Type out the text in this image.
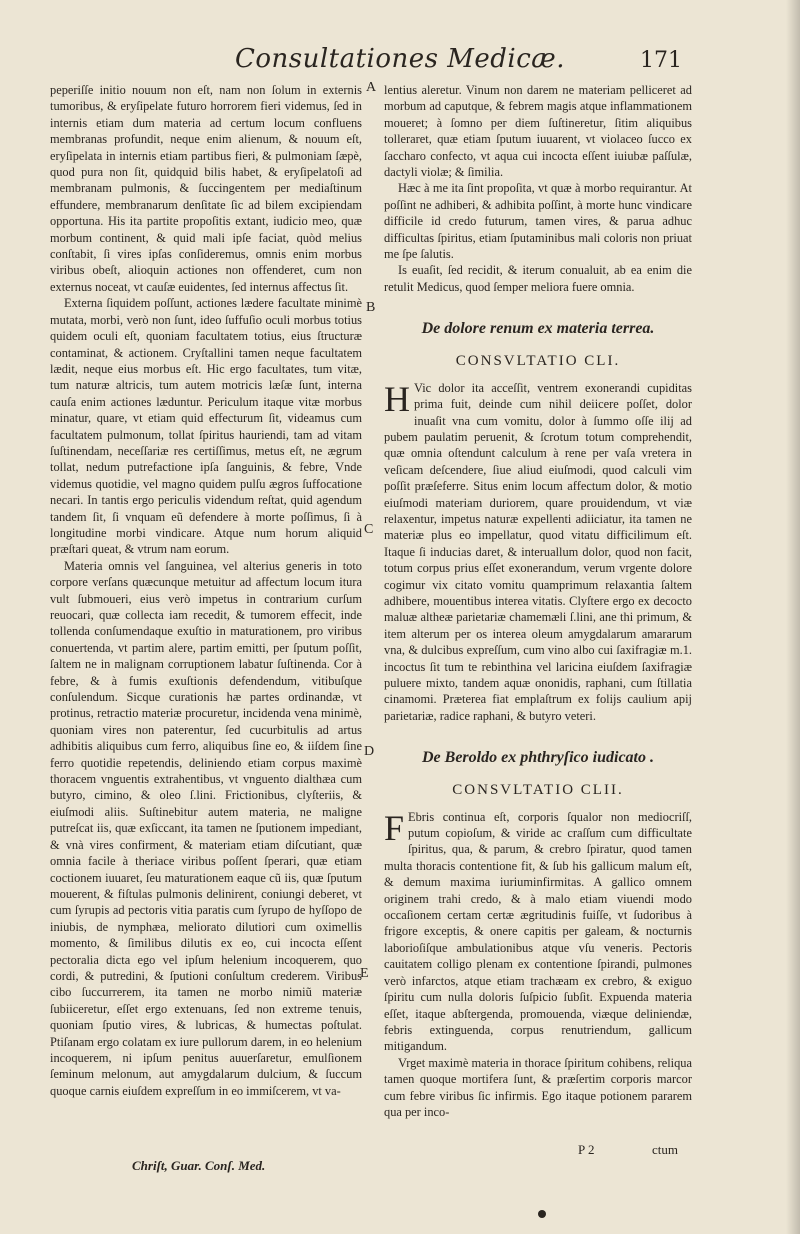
Consultationes Medicæ.	171

peperiſſe initio nouum non eſt, nam non ſolum in externis tumoribus, & eryſipelate futuro horrorem fieri videmus, ſed in internis etiam dum materia ad certum locum confluens membranas profundit, neque enim alienum, & nouum eſt, eryſipelata in internis etiam partibus fieri, & pulmoniam ſæpè, quod pura non ſit, quidquid bilis habet, & eryſipelatoſi ad membranam pulmonis, & ſuccingentem per mediaſtinum effundere, membranarum denſitate ſic ad bilem excipiendam opportuna. His ita partite propoſitis extant, iudicio meo, quæ morbum continent, & quid mali ipſe faciat, quòd melius conſtabit, ſi vires ipſas conſideremus, omnis enim morbus viribus obeſt, alioquin actiones non offenderet, cum non externus noceat, vt cauſæ euidentes, ſed internus affectus ſit.

Externa ſiquidem poſſunt, actiones lædere facultate minimè mutata, morbi, verò non ſunt, ideo ſuffuſio oculi morbus totius quidem oculi eſt, quoniam facultatem totius, eius ſtructuræ contaminat, & actionem. Cryſtallini tamen neque facultatem lædit, neque eius morbus eſt. Hic ergo facultates, tum vitæ, tum naturæ altricis, tum autem motricis læſæ ſunt, interna cauſa enim actiones læduntur. Periculum itaque vitæ morbus minatur, quare, vt etiam quid effecturum ſit, videamus cum facultatem pulmonum, tollat ſpiritus hauriendi, tam ad vitam ſuſtinendam, neceſſariæ res certiſſimus, metus eſt, ne ægrum tollat, nedum putrefactione ipſa ſanguinis, & febre, Vnde videmus quotidie, vel magno quidem pulſu ægros ſuffocatione necari. In tantis ergo periculis videndum reſtat, quid agendum tandem ſit, ſi vnquam eũ defendere à morte poſſimus, ſi à longitudine morbi vindicare. Atque num horum aliquid præſtari queat, & vtrum nam eorum.

Materia omnis vel ſanguinea, vel alterius generis in toto corpore verſans quæcunque metuitur ad affectum locum itura vult ſubmoueri, eius verò impetus in contrarium curſum reuocari, quæ collecta iam recedit, & tumorem effecit, inde tollenda conſumendaque exuſtio in maturationem, pro viribus conuertenda, vt partim alere, partim emitti, per ſputum poſſit, ſaltem ne in malignam corruptionem labatur ſuſtinenda. Cor à febre, & à fumis exuſtionis defendendum, vitibuſque conſulendum. Sicque curationis hæ partes ordinandæ, vt protinus, retractio materiæ procuretur, incidenda vena minimè, quoniam vires non paterentur, ſed cucurbitulis ad artus adhibitis aliquibus cum ferro, aliquibus ſine eo, & iiſdem ſine ferro quotidie repetendis, deliniendo etiam corpus maximè thoracem vnguentis extrahentibus, vt vnguento dialthæa cum butyro, cimino, & oleo ſ.lini. Frictionibus, clyſteriis, & eiuſmodi aliis. Suſtinebitur autem materia, ne maligne putreſcat iis, quæ exſiccant, ita tamen ne ſputionem impediant, & vnà vires confirment, & materiam etiam diſcutiant, quæ omnia facile à theriace viribus poſſent ſperari, quæ etiam coctionem iuuaret, ſeu maturationem eaque cũ iis, quæ ſputum mouerent, & fiſtulas pulmonis delinirent, coniungi deberet, vt cum ſyrupis ad pectoris vitia paratis cum ſyrupo de hyſſopo de iniubis, de nymphæa, meliorato dilutiori cum oximellis momento, & ſimilibus dilutis ex eo, cui incocta eſſent pectoralia dicta ego vel ipſum helenium incoquerem, quo cordi, & putredini, & ſputioni conſultum crederem. Viribus cibo ſuccurrerem, ita tamen ne morbo nimiũ materiæ ſubiiceretur, eſſet ergo extenuans, ſed non extreme tenuis, quoniam ſputio vires, & lubricas, & humectas poſtulat. Ptiſanam ergo colatam ex iure pullorum darem, in eo helenium incoquerem, ni ipſum penitus auuerſaretur, emulſionem ſeminum melonum, aut amygdalarum dulcium, & ſuccum quoque carnis eiuſdem expreſſum in eo immiſcerem, vt va-

A
B
C
D
E

lentius aleretur. Vinum non darem ne materiam pelliceret ad morbum ad caputque, & febrem magis atque inflammationem moueret; à ſomno per diem ſuſtineretur, ſitim aliquibus tolleraret, quæ etiam ſputum iuuarent, vt violaceo ſucco ex ſaccharo confecto, vt aqua cui incocta eſſent iuiubæ paſſulæ, dactyli violæ; & ſimilia.

Hæc à me ita ſint propoſita, vt quæ à morbo requirantur. At poſſint ne adhiberi, & adhibita poſſint, à morte hunc vindicare difficile id credo futurum, tamen vires, & parua adhuc difficultas ſpiritus, etiam ſputaminibus mali coloris non priuat me ſpe ſalutis.

Is euaſit, ſed recidit, & iterum conualuit, ab ea enim die retulit Medicus, quod ſemper meliora fuere omnia.

De dolore renum ex materia terrea.
CONSVLTATIO CLI.

H Vic dolor ita acceſſit, ventrem exonerandi cupiditas prima fuit, deinde cum nihil deiicere poſſet, dolor inuaſit vna cum vomitu, dolor à ſummo oſſe ilij ad pubem paulatim peruenit, & ſcrotum totum comprehendit, quæ omnia oſtendunt calculum à rene per vaſa vretera in veſicam deſcendere, ſiue aliud eiuſmodi, quod calculi vim poſſit præſeferre. Situs enim locum affectum dolor, & motio eiuſmodi materiam duriorem, quare prouidendum, vt viæ relaxentur, impetus naturæ expellenti adiiciatur, ita tamen ne materiæ plus eo impellatur, quod vitatu difficilimum eſt. Itaque ſi inducias daret, & interuallum dolor, quod non facit, totum corpus prius eſſet exonerandum, verum vrgente dolore cogimur vix citato vomitu quamprimum relaxantia ſaltem adhibere, mouentibus interea vitatis. Clyſtere ergo ex decocto maluæ altheæ parietariæ chamemæli ſ.lini, ane thi primum, & item alterum per os interea oleum amygdalarum amararum vna, & dulcibus expreſſum, cum vino albo cui ſaxifragiæ m.1. incoctus ſit tum te rebinthina vel laricina eiuſdem ſaxifragiæ puluere mixto, tandem aquæ ononidis, raphani, cum ſtillatia cinamomi. Præterea fiat emplaſtrum ex folijs caulium apij parietariæ, radice raphani, & butyro veteri.

De Beroldo ex phthryſico iudicato .
CONSVLTATIO CLII.

F Ebris continua eſt, corporis ſqualor non mediocriſſ, putum copioſum, & viride ac craſſum cum difficultate ſpiritus, qua, & parum, & crebro ſpiratur, quod tamen multa thoracis contentione fit, & ſub his gallicum malum eſt, & demum maxima iuriuminfirmitas. A gallico omnem originem trahi credo, & à malo etiam viuendi modo occaſionem certam certæ ægritudinis fuiſſe, vt ſudoribus à frigore exceptis, & onere capitis per galeam, & nocturnis laborioſiſque ambulationibus atque vſu veneris. Pectoris cauitatem colligo plenam ex contentione ſpirandi, pulmones verò infarctos, atque etiam trachæam ex crebro, & exiguo ſpiritu cum nulla doloris ſuſpicio ſubſit. Expuenda materia eſſet, itaque abſtergenda, promouenda, viæque deliniendæ, febris extinguenda, corpus renutriendum, gallicum mitigandum.

Vrget maximè materia in thorace ſpiritum cohibens, reliqua tamen quoque mortifera ſunt, & præſertim corporis marcor cum febre viribus ſic infirmis. Ego itaque potionem pararem qua per inco-

Chriſt, Guar. Conſ. Med.
P 2	ctum
